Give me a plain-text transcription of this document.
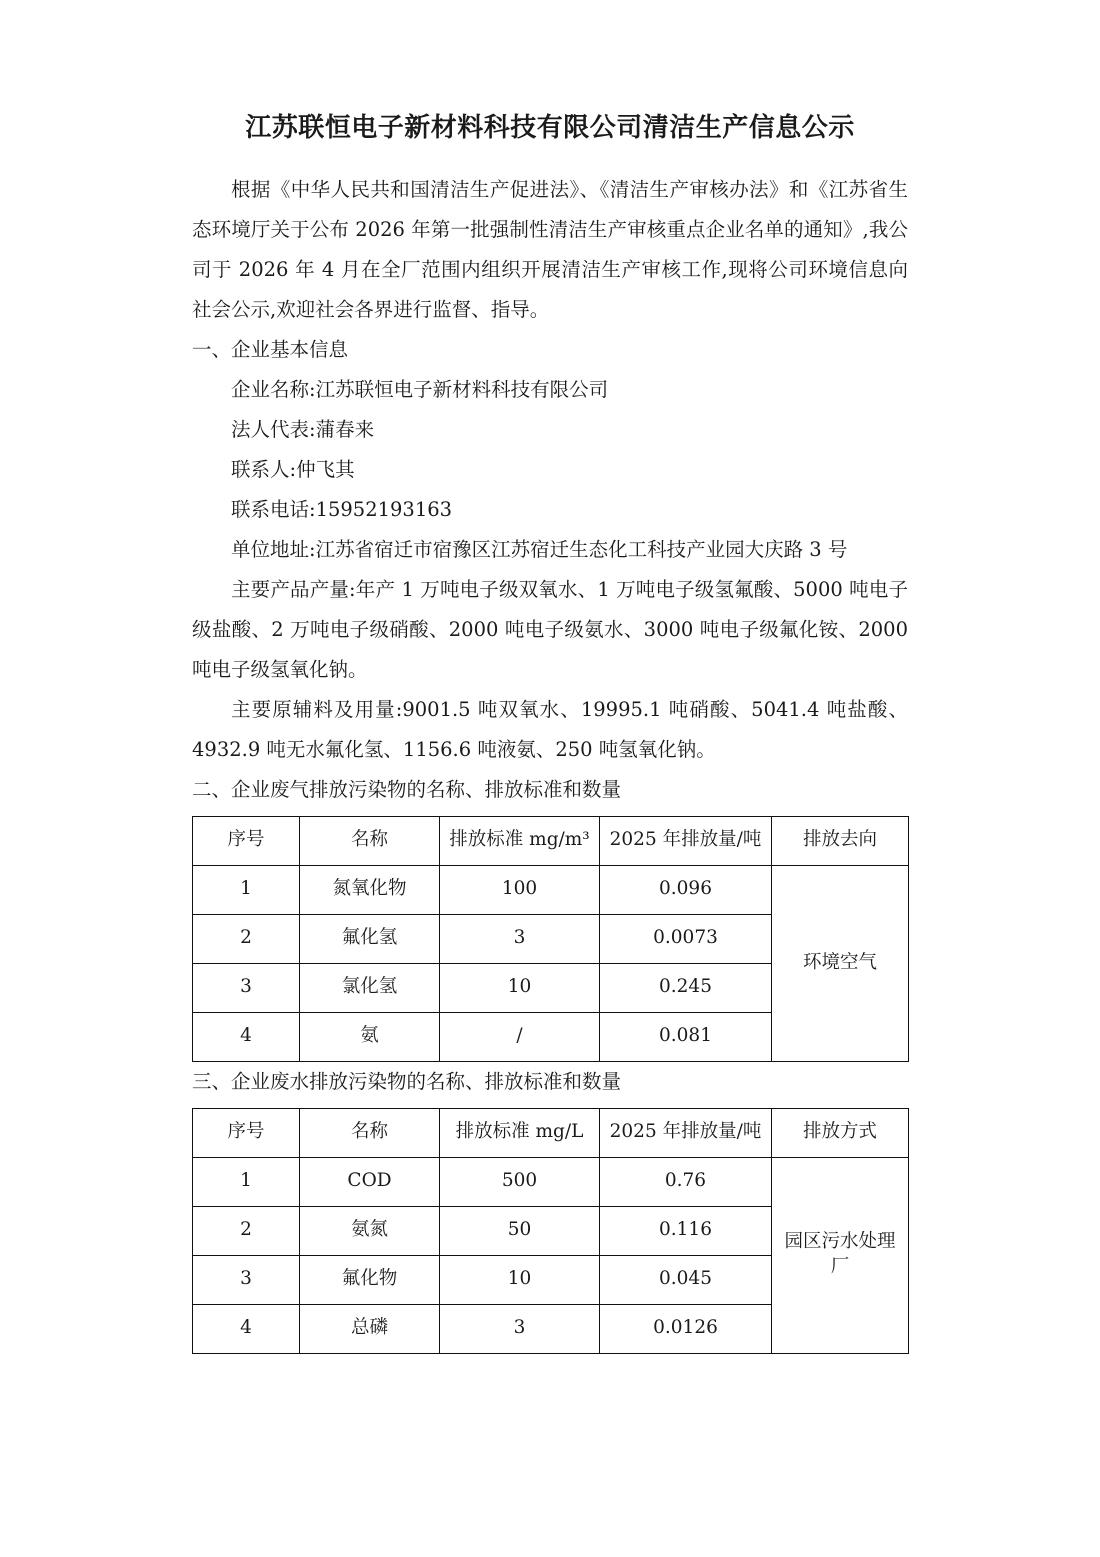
江苏联恒电子新材料科技有限公司清洁生产信息公示

根据《中华人民共和国清洁生产促进法》、《清洁生产审核办法》和《江苏省生态环境厅关于公布 2026 年第一批强制性清洁生产审核重点企业名单的通知》,我公司于 2026 年 4 月在全厂范围内组织开展清洁生产审核工作,现将公司环境信息向社会公示,欢迎社会各界进行监督、指导。

一、企业基本信息

企业名称:江苏联恒电子新材料科技有限公司

法人代表:蒲春来

联系人:仲飞其

联系电话:15952193163

单位地址:江苏省宿迁市宿豫区江苏宿迁生态化工科技产业园大庆路 3 号

主要产品产量:年产 1 万吨电子级双氧水、1 万吨电子级氢氟酸、5000 吨电子级盐酸、2 万吨电子级硝酸、2000 吨电子级氨水、3000 吨电子级氟化铵、2000 吨电子级氢氧化钠。

主要原辅料及用量:9001.5 吨双氧水、19995.1 吨硝酸、5041.4 吨盐酸、4932.9 吨无水氟化氢、1156.6 吨液氨、250 吨氢氧化钠。

二、企业废气排放污染物的名称、排放标准和数量

序号	名称	排放标准 mg/m³	2025 年排放量/吨	排放去向
1	氮氧化物	100	0.096	环境空气
2	氟化氢	3	0.0073	
3	氯化氢	10	0.245	
4	氨	/	0.081	

三、企业废水排放污染物的名称、排放标准和数量

序号	名称	排放标准 mg/L	2025 年排放量/吨	排放方式
1	COD	500	0.76	园区污水处理厂
2	氨氮	50	0.116	
3	氟化物	10	0.045	
4	总磷	3	0.0126	
